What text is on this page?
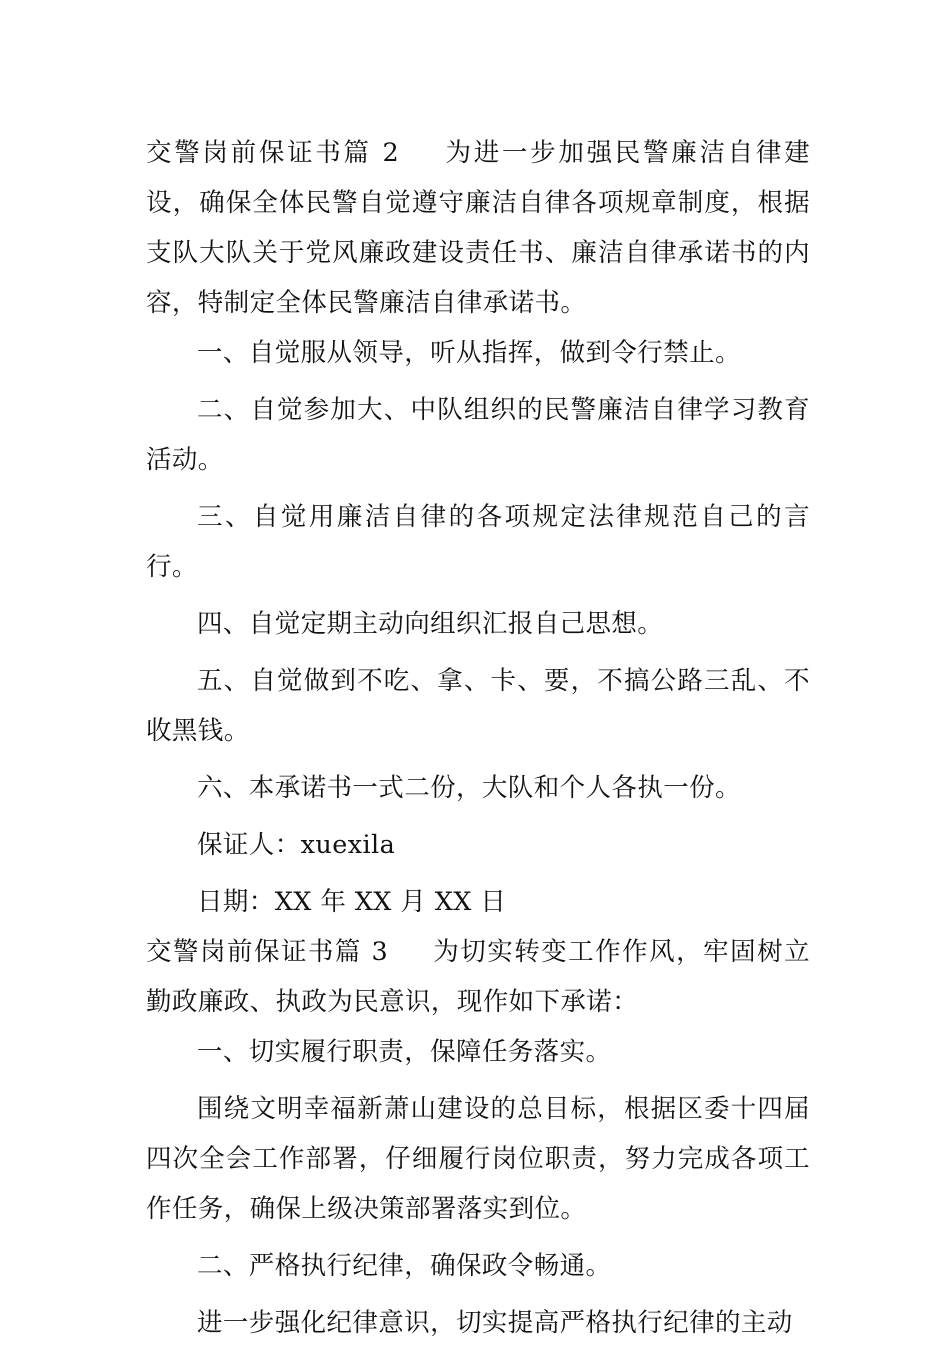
交警岗前保证书篇 2 为进一步加强民警廉洁自律建设，确保全体民警自觉遵守廉洁自律各项规章制度，根据支队大队关于党风廉政建设责任书、廉洁自律承诺书的内容，特制定全体民警廉洁自律承诺书。

一、自觉服从领导，听从指挥，做到令行禁止。

二、自觉参加大、中队组织的民警廉洁自律学习教育活动。

三、自觉用廉洁自律的各项规定法律规范自己的言行。

四、自觉定期主动向组织汇报自己思想。

五、自觉做到不吃、拿、卡、要，不搞公路三乱、不收黑钱。

六、本承诺书一式二份，大队和个人各执一份。

保证人：xuexila

日期：XX 年 XX 月 XX 日

交警岗前保证书篇 3 为切实转变工作作风，牢固树立勤政廉政、执政为民意识，现作如下承诺：

一、切实履行职责，保障任务落实。

围绕文明幸福新萧山建设的总目标，根据区委十四届四次全会工作部署，仔细履行岗位职责，努力完成各项工作任务，确保上级决策部署落实到位。

二、严格执行纪律，确保政令畅通。

进一步强化纪律意识，切实提高严格执行纪律的主动
